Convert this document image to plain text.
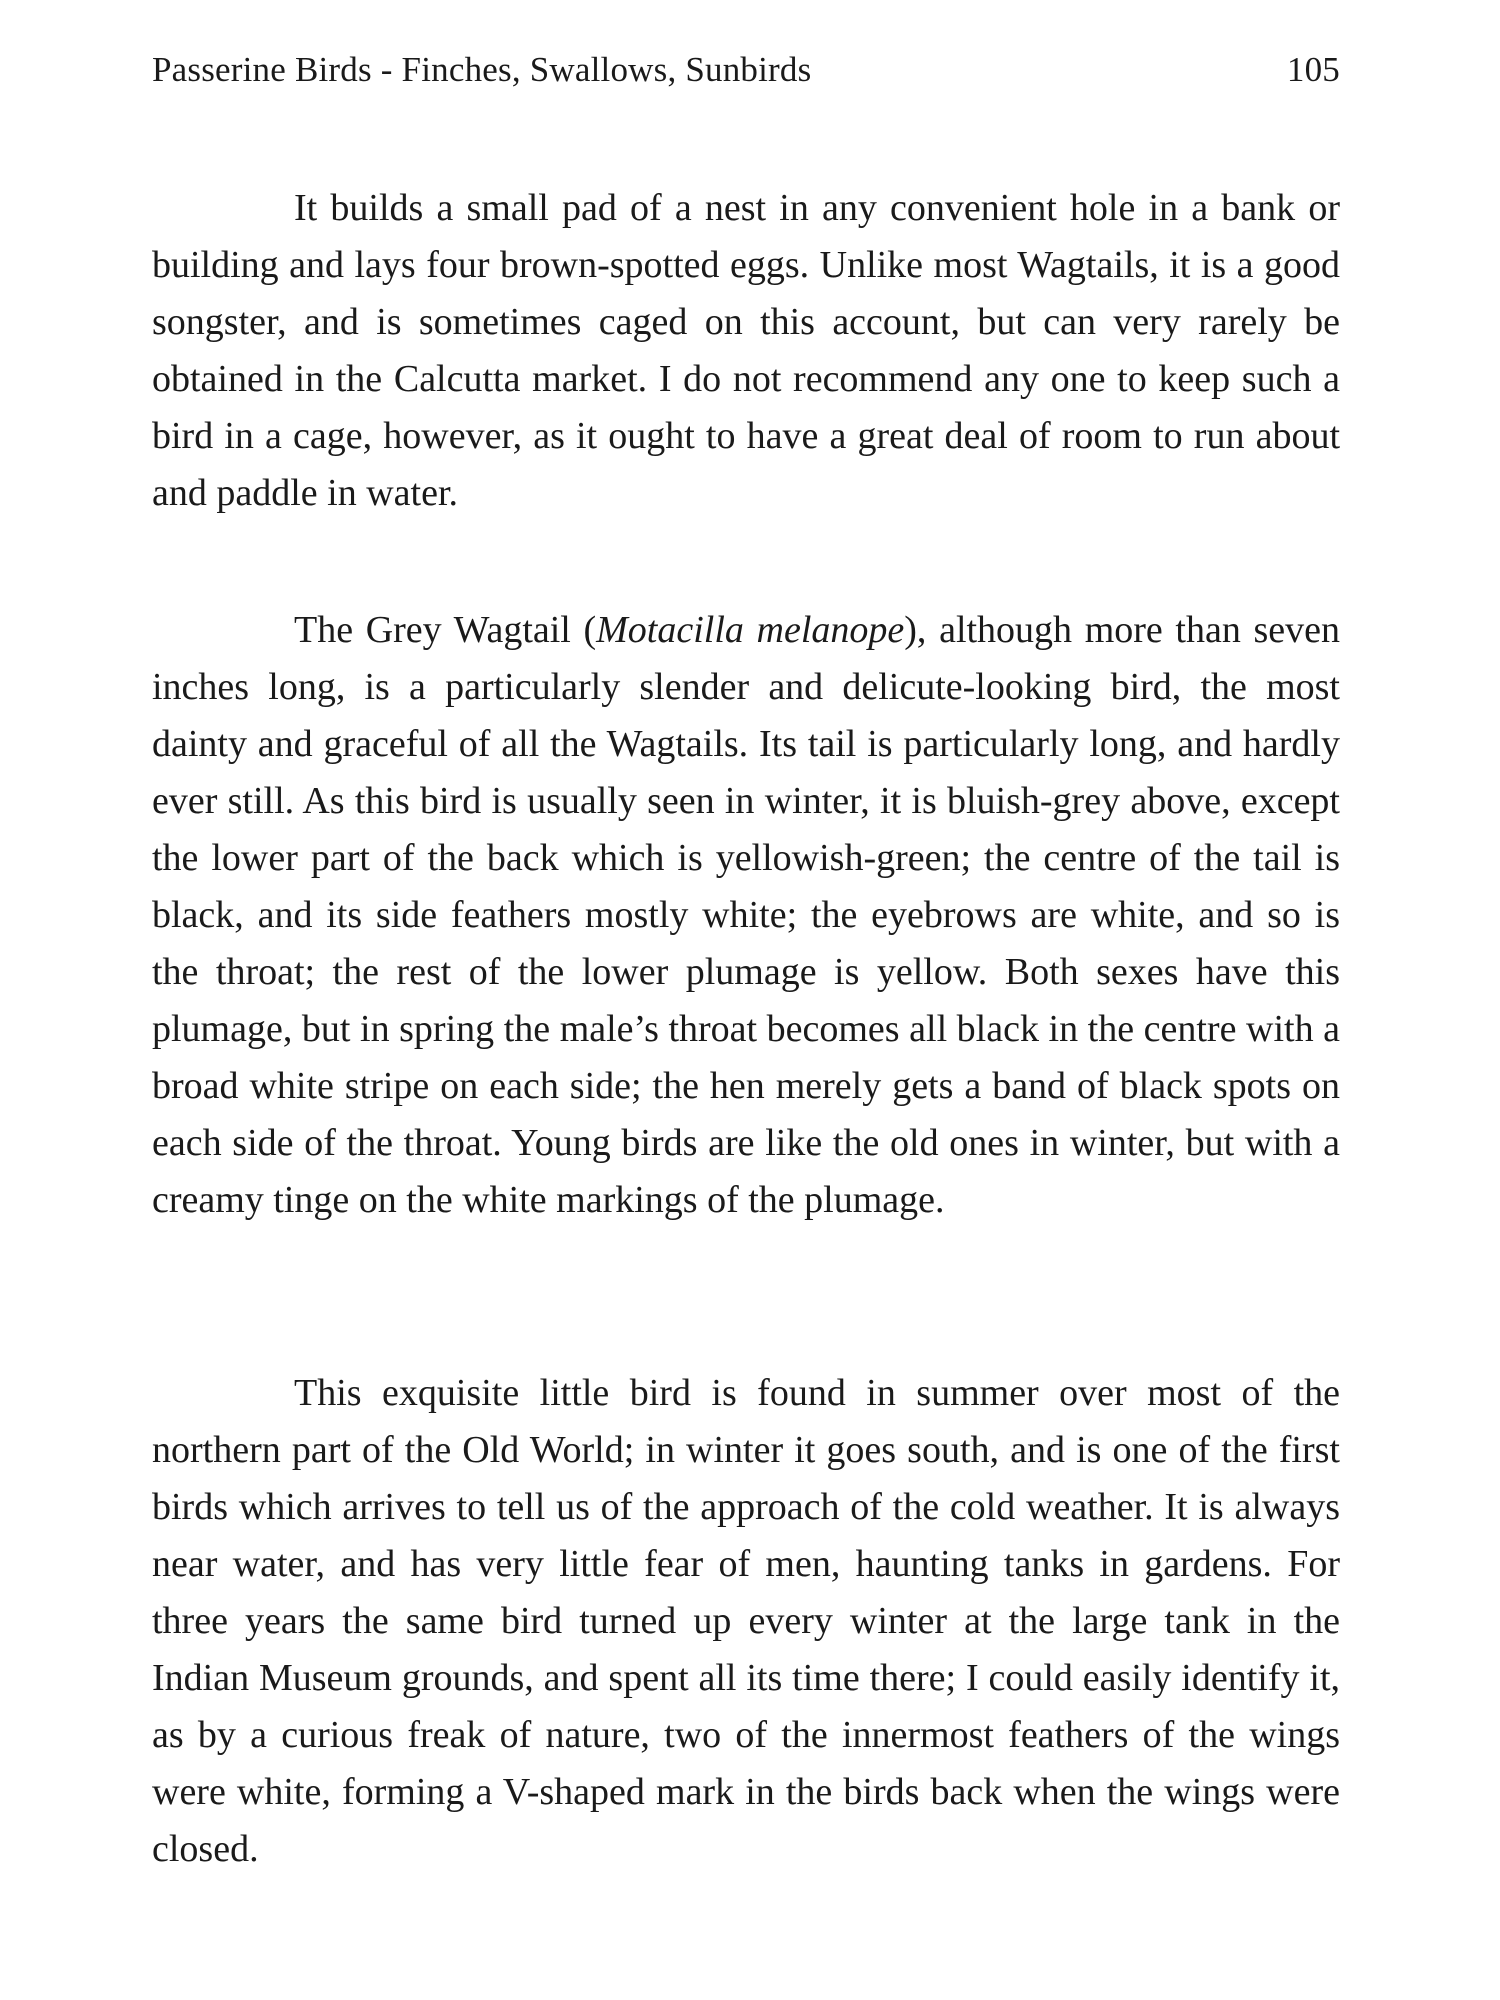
Passerine Birds - Finches, Swallows, Sunbirds	105

It builds a small pad of a nest in any convenient hole in a bank or building and lays four brown-spotted eggs. Unlike most Wagtails, it is a good songster, and is sometimes caged on this account, but can very rarely be obtained in the Calcutta market. I do not recommend any one to keep such a bird in a cage, however, as it ought to have a great deal of room to run about and paddle in water.

The Grey Wagtail (Motacilla melanope), although more than seven inches long, is a particularly slender and delicute-looking bird, the most dainty and graceful of all the Wagtails. Its tail is particularly long, and hardly ever still. As this bird is usually seen in winter, it is bluish-grey above, except the lower part of the back which is yellowish-green; the centre of the tail is black, and its side feathers mostly white; the eyebrows are white, and so is the throat; the rest of the lower plumage is yellow. Both sexes have this plumage, but in spring the male’s throat becomes all black in the centre with a broad white stripe on each side; the hen merely gets a band of black spots on each side of the throat. Young birds are like the old ones in winter, but with a creamy tinge on the white markings of the plumage.

This exquisite little bird is found in summer over most of the northern part of the Old World; in winter it goes south, and is one of the first birds which arrives to tell us of the approach of the cold weather. It is always near water, and has very little fear of men, haunting tanks in gardens. For three years the same bird turned up every winter at the large tank in the Indian Museum grounds, and spent all its time there; I could easily identify it, as by a curious freak of nature, two of the innermost feathers of the wings were white, forming a V-shaped mark in the birds back when the wings were closed.
